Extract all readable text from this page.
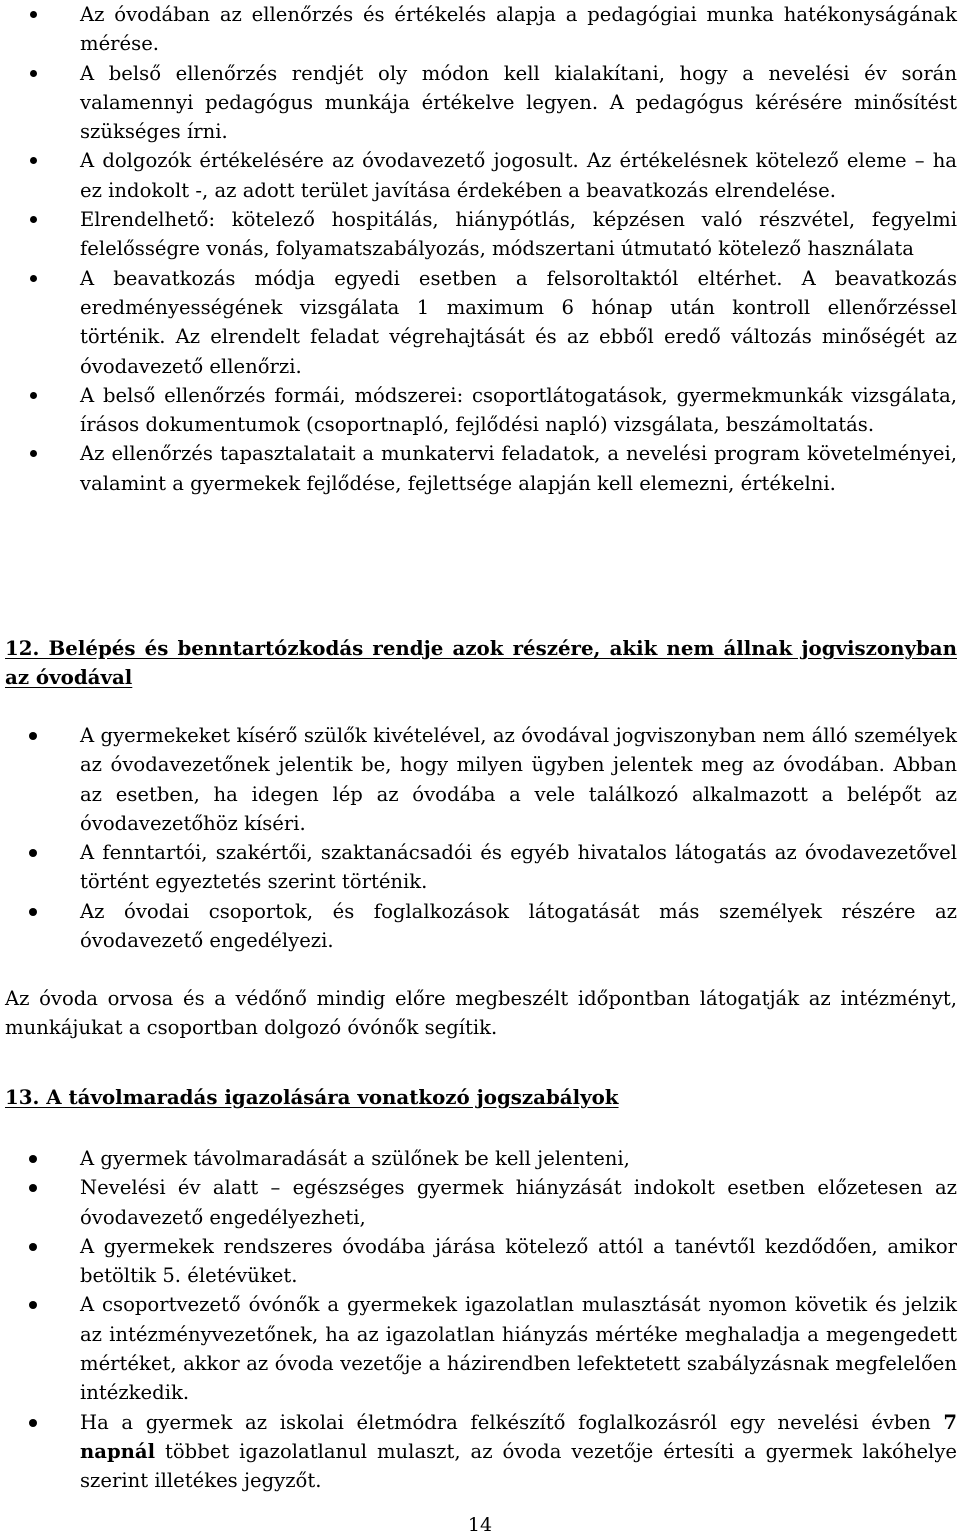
Az óvodában az ellenőrzés és értékelés alapja a pedagógiai munka hatékonyságának mérése.
A belső ellenőrzés rendjét oly módon kell kialakítani, hogy a nevelési év során valamennyi pedagógus munkája értékelve legyen. A pedagógus kérésére minősítést szükséges írni.
A dolgozók értékelésére az óvodavezető jogosult. Az értékelésnek kötelező eleme – ha ez indokolt -, az adott terület javítása érdekében a beavatkozás elrendelése.
Elrendelhető: kötelező hospitálás, hiánypótlás, képzésen való részvétel, fegyelmi felelősségre vonás, folyamatszabályozás, módszertani útmutató kötelező használata
A beavatkozás módja egyedi esetben a felsoroltaktól eltérhet. A beavatkozás eredményességének vizsgálata 1 maximum 6 hónap után kontroll ellenőrzéssel történik. Az elrendelt feladat végrehajtását és az ebből eredő változás minőségét az óvodavezető ellenőrzi.
A belső ellenőrzés formái, módszerei: csoportlátogatások, gyermekmunkák vizsgálata, írásos dokumentumok (csoportnapló, fejlődési napló) vizsgálata, beszámoltatás.
Az ellenőrzés tapasztalatait a munkatervi feladatok, a nevelési program követelményei, valamint a gyermekek fejlődése, fejlettsége alapján kell elemezni, értékelni.
12. Belépés és benntartózkodás rendje azok részére, akik nem állnak jogviszonyban az óvodával
A gyermekeket kísérő szülők kivételével, az óvodával jogviszonyban nem álló személyek az óvodavezetőnek jelentik be, hogy milyen ügyben jelentek meg az óvodában. Abban az esetben, ha idegen lép az óvodába a vele találkozó alkalmazott a belépőt az óvodavezetőhöz kíséri.
A fenntartói, szakértői, szaktanácsadói és egyéb hivatalos látogatás az óvodavezetővel történt egyeztetés szerint történik.
Az óvodai csoportok, és foglalkozások látogatását más személyek részére az óvodavezető engedélyezi.

Az óvoda orvosa és a védőnő mindig előre megbeszélt időpontban látogatják az intézményt, munkájukat a csoportban dolgozó óvónők segítik.

13. A távolmaradás igazolására vonatkozó jogszabályok
A gyermek távolmaradását a szülőnek be kell jelenteni,
Nevelési év alatt – egészséges gyermek hiányzását indokolt esetben előzetesen az óvodavezető engedélyezheti,
A gyermekek rendszeres óvodába járása kötelező attól a tanévtől kezdődően, amikor betöltik 5. életévüket.
A csoportvezető óvónők a gyermekek igazolatlan mulasztását nyomon követik és jelzik az intézményvezetőnek, ha az igazolatlan hiányzás mértéke meghaladja a megengedett mértéket, akkor az óvoda vezetője a házirendben lefektetett szabályzásnak megfelelően intézkedik.
Ha a gyermek az iskolai életmódra felkészítő foglalkozásról egy nevelési évben 7 napnál többet igazolatlanul mulaszt, az óvoda vezetője értesíti a gyermek lakóhelye szerint illetékes jegyzőt.
14
